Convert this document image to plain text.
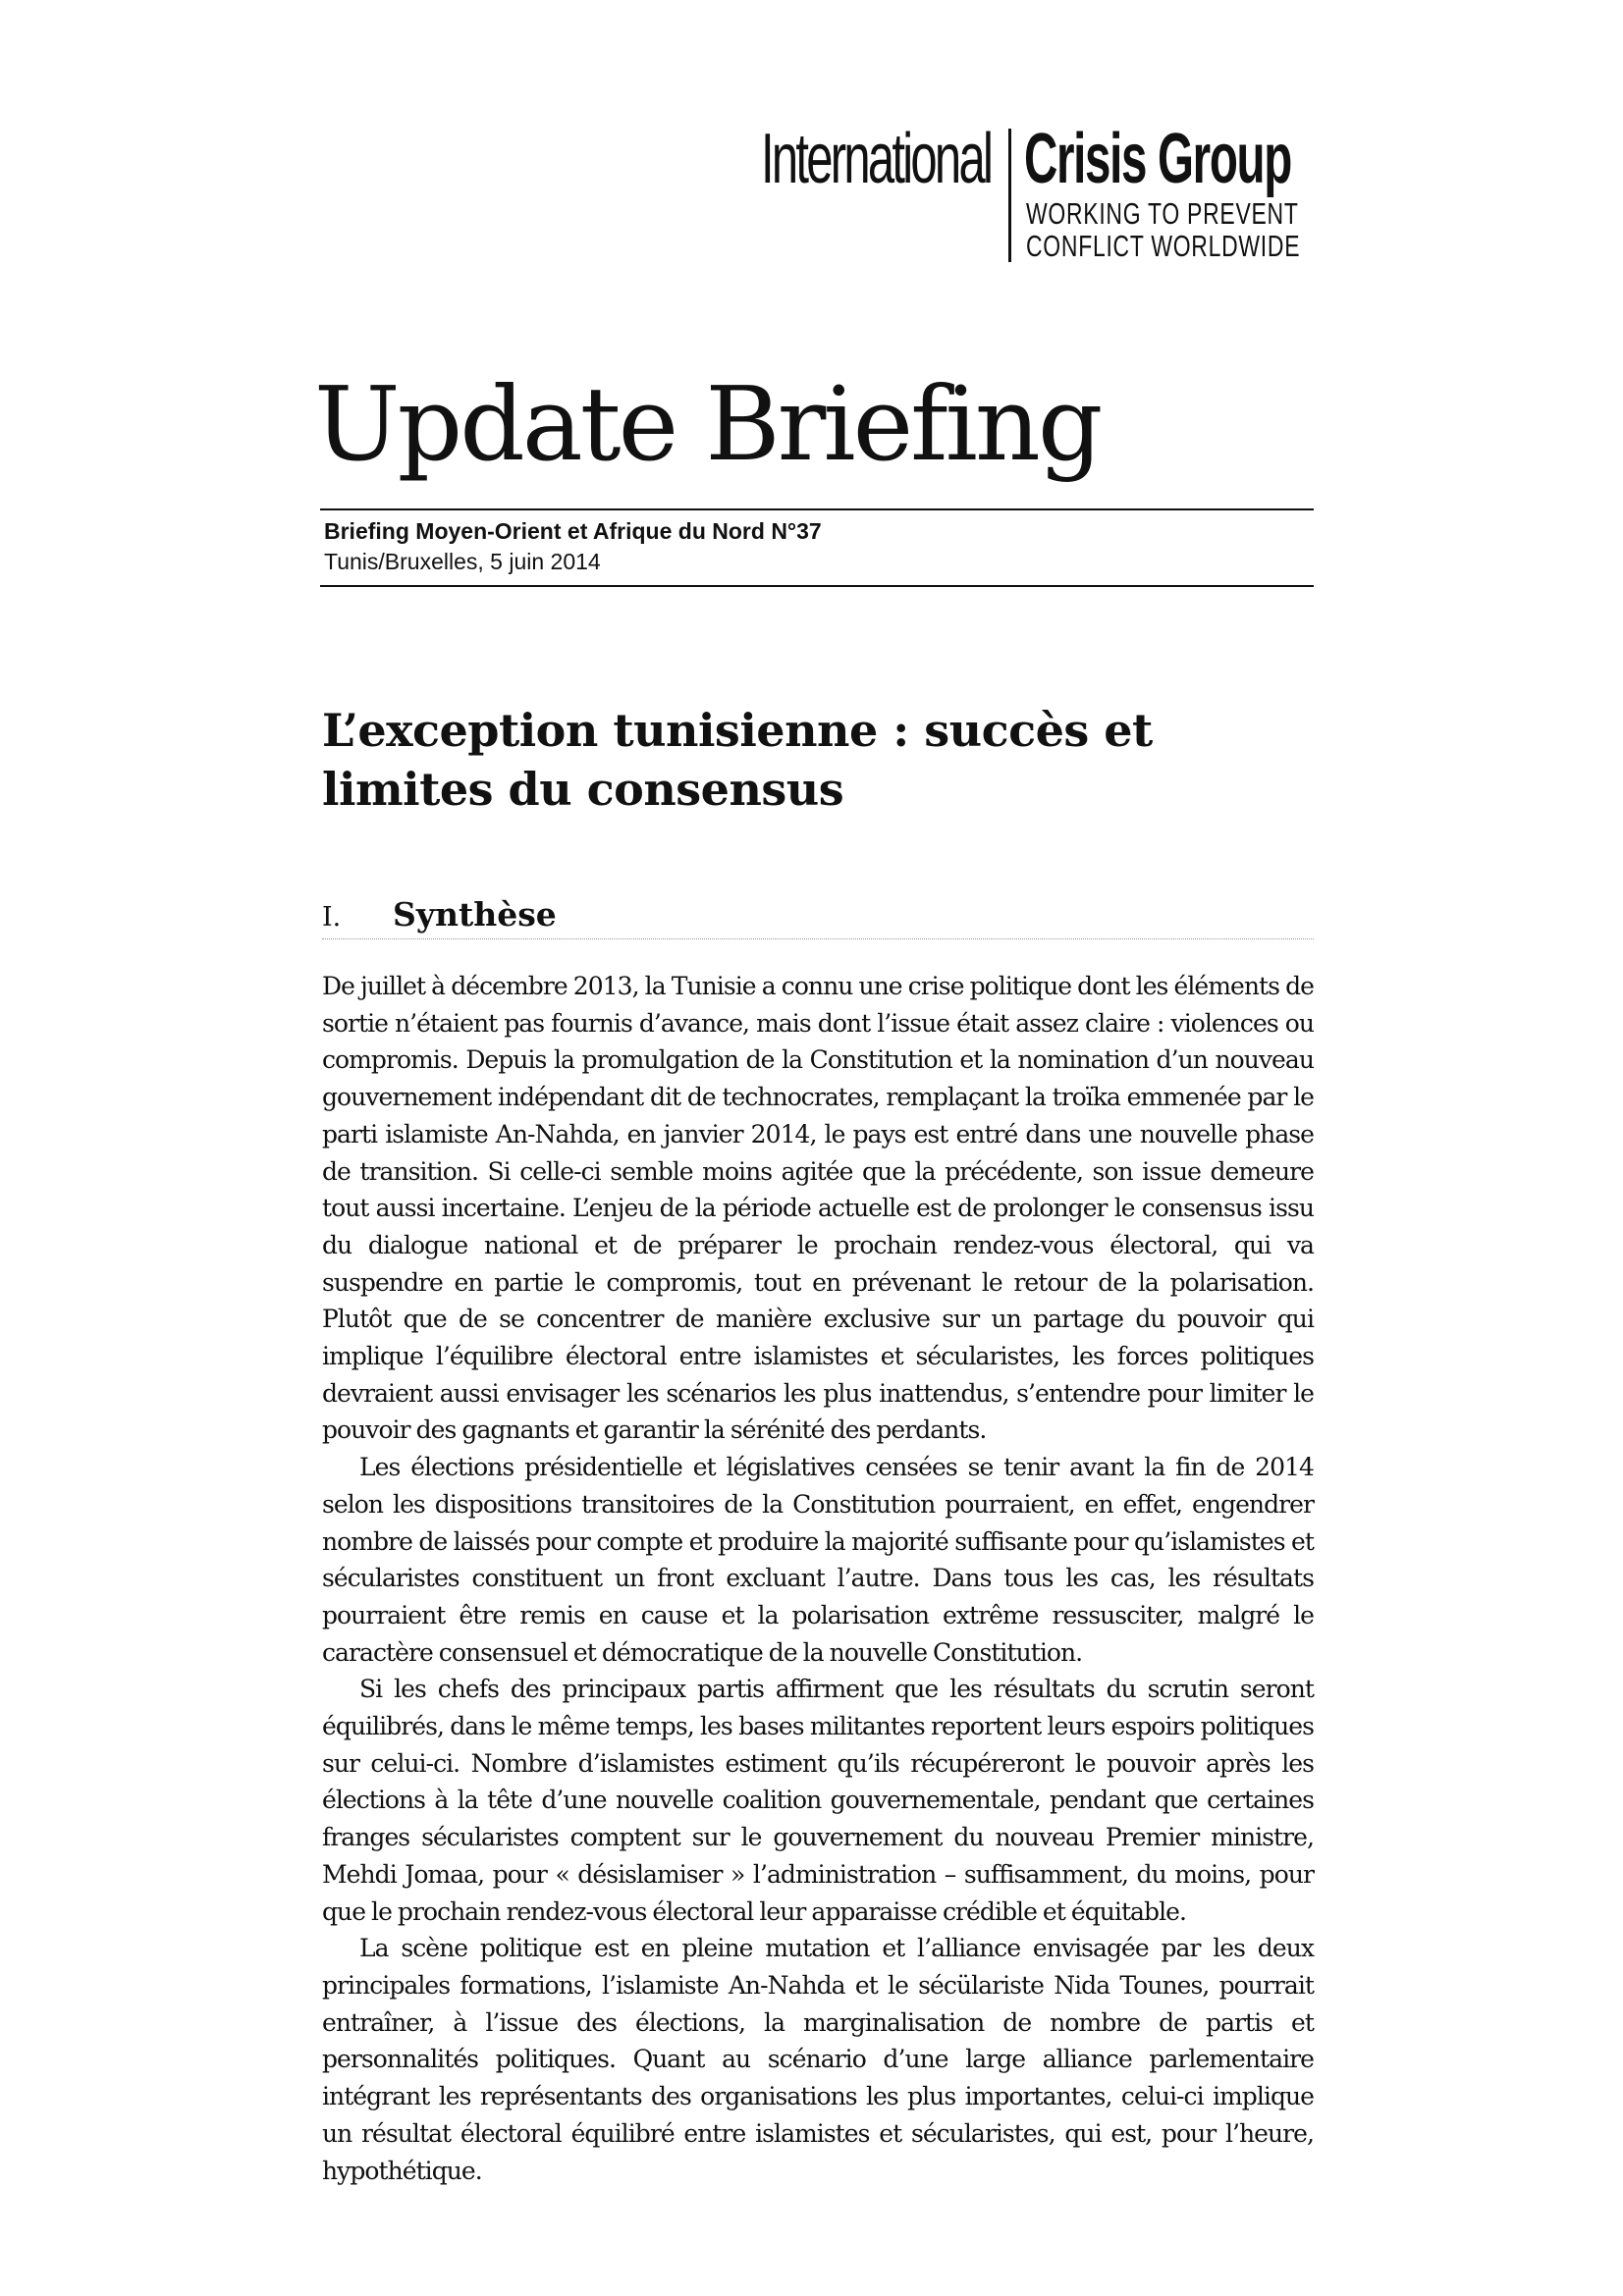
International Crisis Group
WORKING TO PREVENT
CONFLICT WORLDWIDE
Update Briefing
Briefing Moyen-Orient et Afrique du Nord N°37
Tunis/Bruxelles, 5 juin 2014
L’exception tunisienne : succès et
limites du consensus
I. Synthèse

De juillet à décembre 2013, la Tunisie a connu une crise politique dont les éléments de sortie n’étaient pas fournis d’avance, mais dont l’issue était assez claire : violences ou compromis. Depuis la promulgation de la Constitution et la nomination d’un nouveau gouvernement indépendant dit de technocrates, remplaçant la troïka emmenée par le parti islamiste An-Nahda, en janvier 2014, le pays est entré dans une nouvelle phase de transition. Si celle-ci semble moins agitée que la précédente, son issue demeure tout aussi incertaine. L’enjeu de la période actuelle est de prolonger le consensus issu du dialogue national et de préparer le prochain rendez-vous électoral, qui va suspendre en partie le compromis, tout en prévenant le retour de la polarisation. Plutôt que de se concentrer de manière exclusive sur un partage du pouvoir qui implique l’équilibre électoral entre islamistes et sécularistes, les forces politiques devraient aussi envisager les scénarios les plus inattendus, s’entendre pour limiter le pouvoir des gagnants et garantir la sérénité des perdants.

Les élections présidentielle et législatives censées se tenir avant la fin de 2014 selon les dispositions transitoires de la Constitution pourraient, en effet, engendrer nombre de laissés pour compte et produire la majorité suffisante pour qu’islamistes et sécularistes constituent un front excluant l’autre. Dans tous les cas, les résultats pourraient être remis en cause et la polarisation extrême ressusciter, malgré le caractère consensuel et démocratique de la nouvelle Constitution.

Si les chefs des principaux partis affirment que les résultats du scrutin seront équilibrés, dans le même temps, les bases militantes reportent leurs espoirs politiques sur celui-ci. Nombre d’islamistes estiment qu’ils récupéreront le pouvoir après les élections à la tête d’une nouvelle coalition gouvernementale, pendant que certaines franges sécularistes comptent sur le gouvernement du nouveau Premier ministre, Mehdi Jomaa, pour « désislamiser » l’administration – suffisamment, du moins, pour que le prochain rendez-vous électoral leur apparaisse crédible et équitable.

La scène politique est en pleine mutation et l’alliance envisagée par les deux principales formations, l’islamiste An-Nahda et le sécülariste Nida Tounes, pourrait entraîner, à l’issue des élections, la marginalisation de nombre de partis et personnalités politiques. Quant au scénario d’une large alliance parlementaire intégrant les représentants des organisations les plus importantes, celui-ci implique un résultat électoral équilibré entre islamistes et sécularistes, qui est, pour l’heure, hypothétique.
